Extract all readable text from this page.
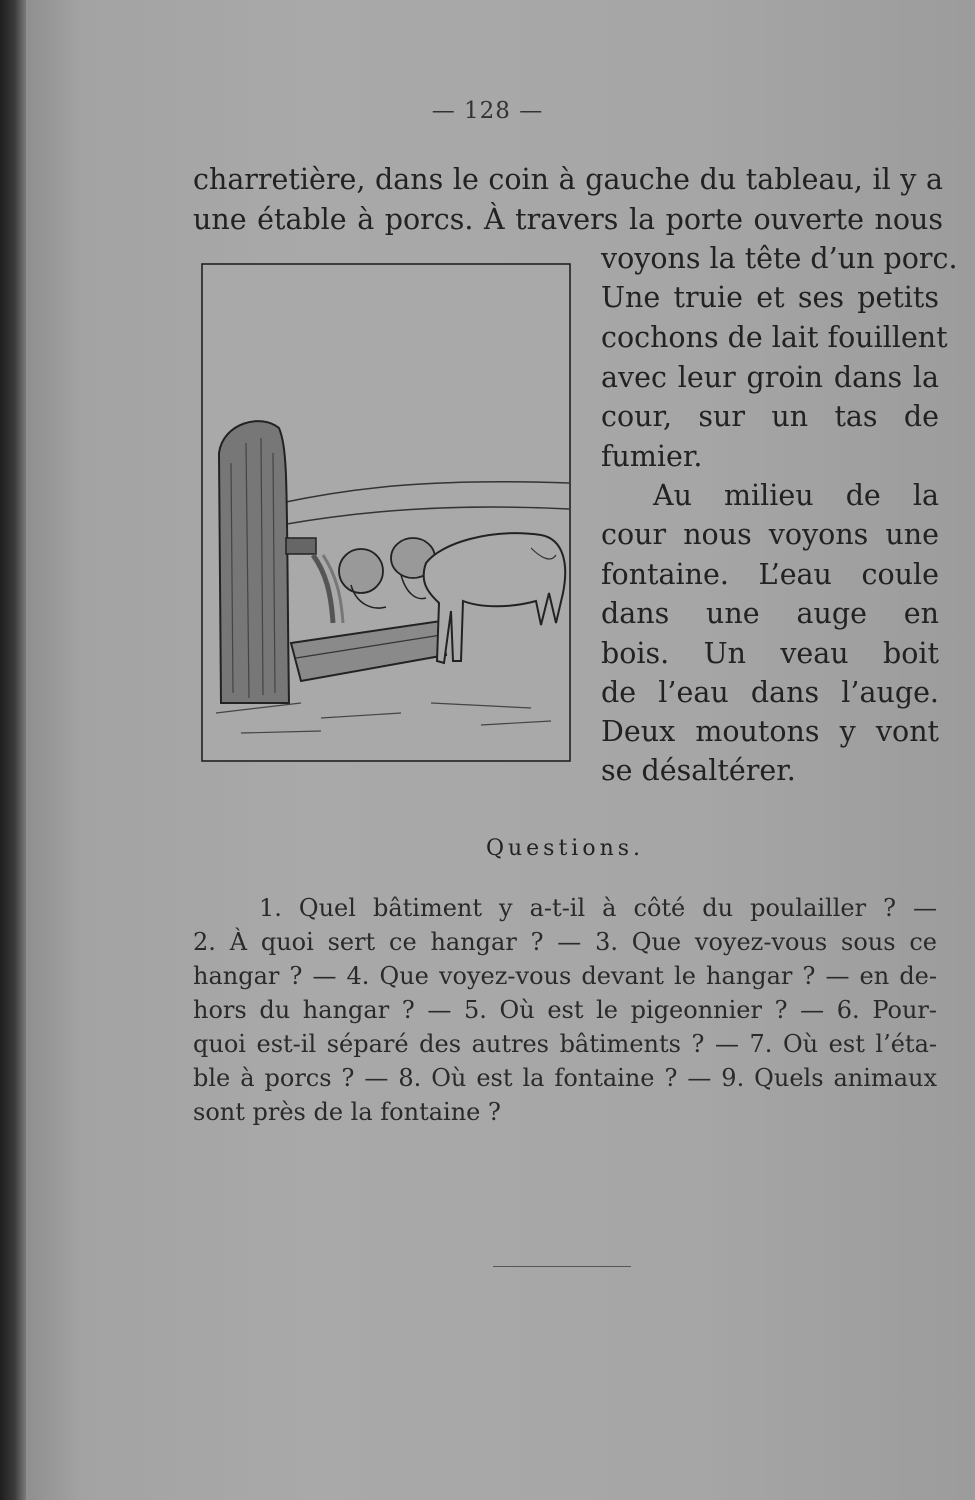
— 128 —
charretière, dans le coin à gauche du tableau, il y a
une étable à porcs. À travers la porte ouverte nous
voyons la tête d’un porc.
Une truie et ses petits
cochons de lait fouillent
avec leur groin dans la
cour, sur un tas de
fumier.
Au milieu de la
cour nous voyons une
fontaine. L’eau coule
dans une auge en
bois. Un veau boit
de l’eau dans l’auge.
Deux moutons y vont
se désaltérer.
Questions.
1. Quel bâtiment y a-t-il à côté du poulailler ? —
2. À quoi sert ce hangar ? — 3. Que voyez-vous sous ce
hangar ? — 4. Que voyez-vous devant le hangar ? — en de-
hors du hangar ? — 5. Où est le pigeonnier ? — 6. Pour-
quoi est-il séparé des autres bâtiments ? — 7. Où est l’éta-
ble à porcs ? — 8. Où est la fontaine ? — 9. Quels animaux
sont près de la fontaine ?
